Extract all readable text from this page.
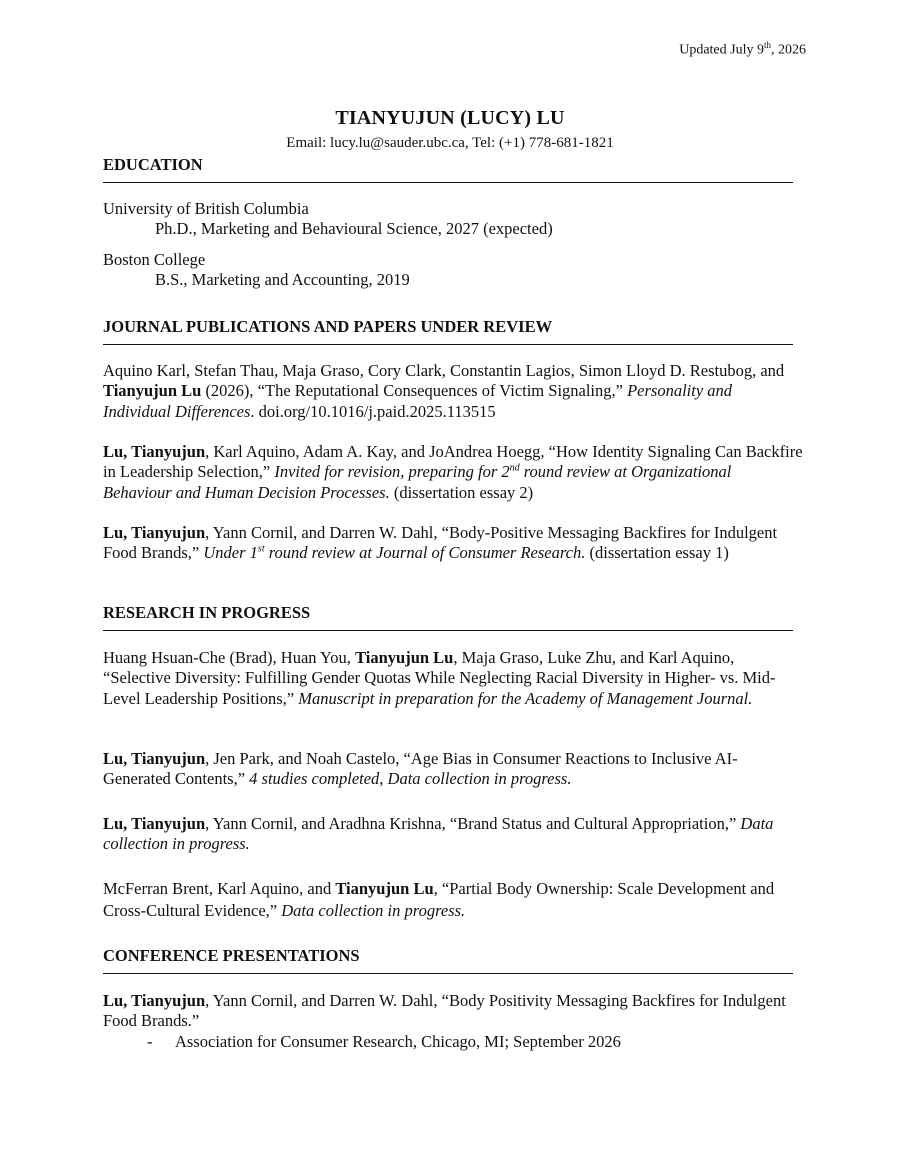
Updated July 9th, 2026
TIANYUJUN (LUCY) LU
Email: lucy.lu@sauder.ubc.ca, Tel: (+1) 778-681-1821
EDUCATION
University of British Columbia
Ph.D., Marketing and Behavioural Science, 2027 (expected)
Boston College
B.S., Marketing and Accounting, 2019
JOURNAL PUBLICATIONS AND PAPERS UNDER REVIEW
Aquino Karl, Stefan Thau, Maja Graso, Cory Clark, Constantin Lagios, Simon Lloyd D. Restubog, and Tianyujun Lu (2026), “The Reputational Consequences of Victim Signaling,” Personality and Individual Differences. doi.org/10.1016/j.paid.2025.113515
Lu, Tianyujun, Karl Aquino, Adam A. Kay, and JoAndrea Hoegg, “How Identity Signaling Can Backfire in Leadership Selection,” Invited for revision, preparing for 2nd round review at Organizational Behaviour and Human Decision Processes. (dissertation essay 2)
Lu, Tianyujun, Yann Cornil, and Darren W. Dahl, “Body-Positive Messaging Backfires for Indulgent Food Brands,” Under 1st round review at Journal of Consumer Research. (dissertation essay 1)
RESEARCH IN PROGRESS
Huang Hsuan-Che (Brad), Huan You, Tianyujun Lu, Maja Graso, Luke Zhu, and Karl Aquino, “Selective Diversity: Fulfilling Gender Quotas While Neglecting Racial Diversity in Higher- vs. Mid-Level Leadership Positions,” Manuscript in preparation for the Academy of Management Journal.
Lu, Tianyujun, Jen Park, and Noah Castelo, “Age Bias in Consumer Reactions to Inclusive AI-Generated Contents,” 4 studies completed, Data collection in progress.
Lu, Tianyujun, Yann Cornil, and Aradhna Krishna, “Brand Status and Cultural Appropriation,” Data collection in progress.
McFerran Brent, Karl Aquino, and Tianyujun Lu, “Partial Body Ownership: Scale Development and Cross-Cultural Evidence,” Data collection in progress.
CONFERENCE PRESENTATIONS
Lu, Tianyujun, Yann Cornil, and Darren W. Dahl, “Body Positivity Messaging Backfires for Indulgent Food Brands.”
- Association for Consumer Research, Chicago, MI; September 2026
